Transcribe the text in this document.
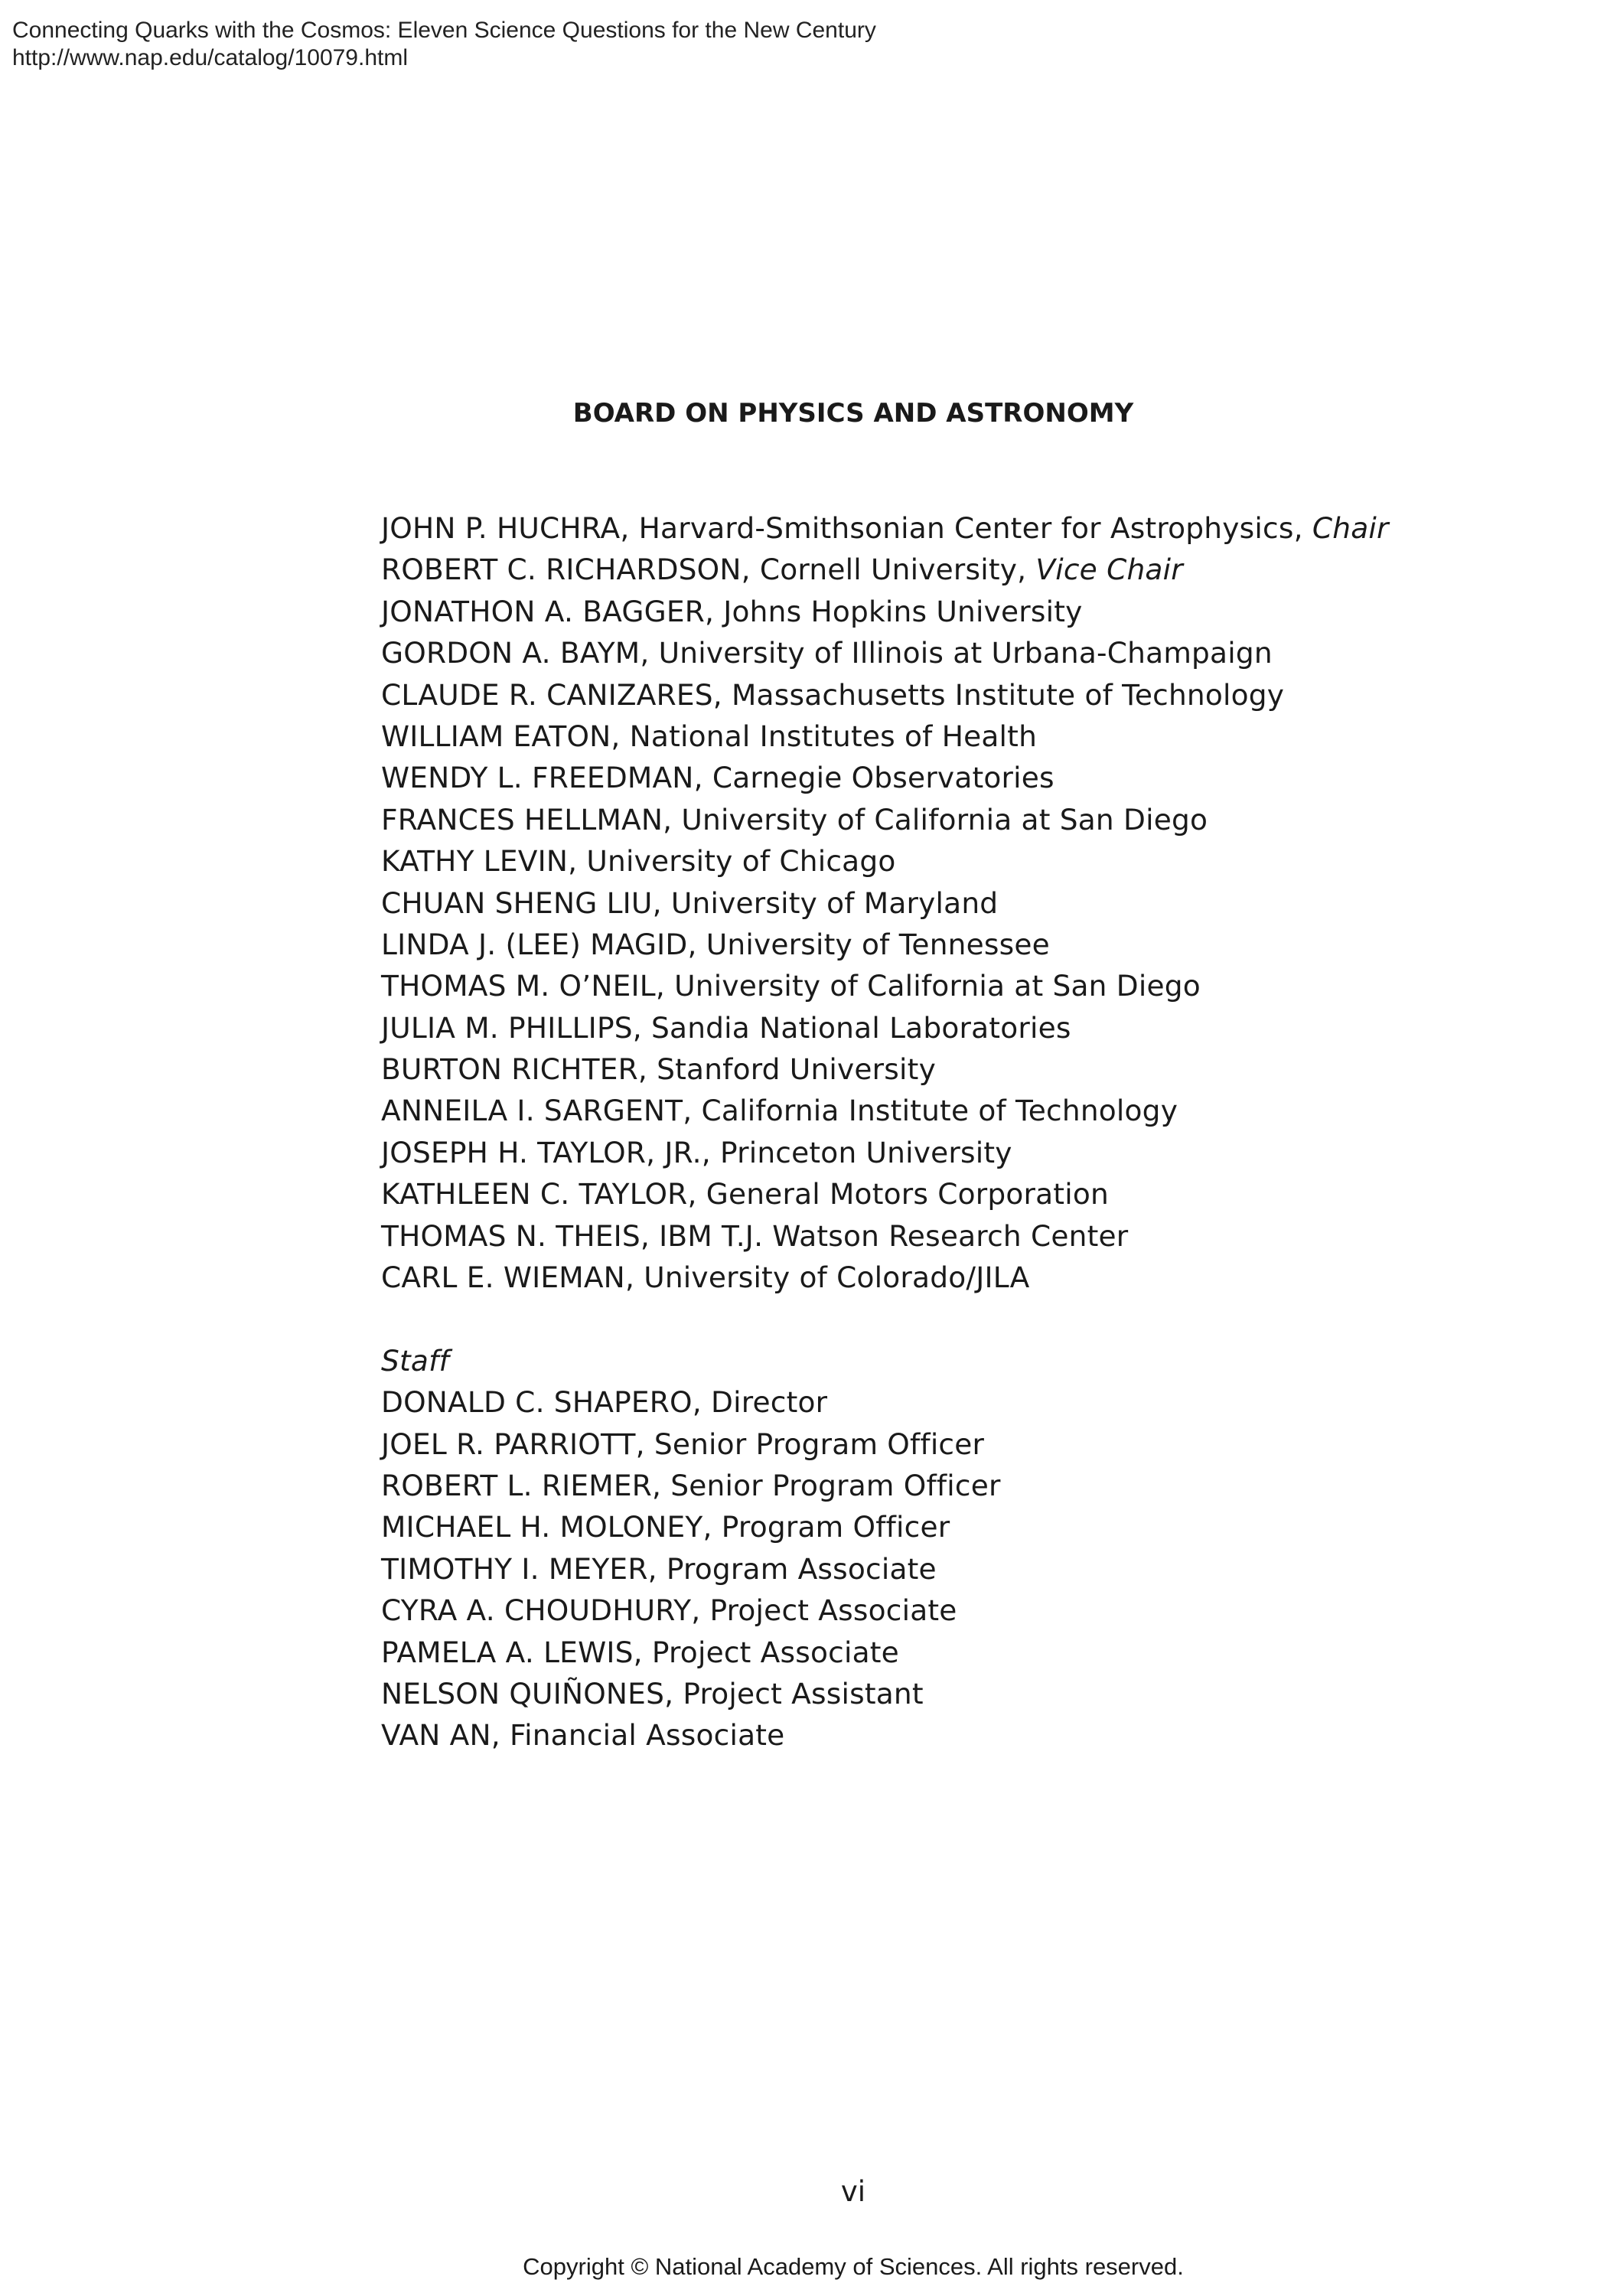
Connecting Quarks with the Cosmos: Eleven Science Questions for the New Century
http://www.nap.edu/catalog/10079.html
BOARD ON PHYSICS AND ASTRONOMY
JOHN P. HUCHRA, Harvard-Smithsonian Center for Astrophysics, Chair
ROBERT C. RICHARDSON, Cornell University, Vice Chair
JONATHON A. BAGGER, Johns Hopkins University
GORDON A. BAYM, University of Illinois at Urbana-Champaign
CLAUDE R. CANIZARES, Massachusetts Institute of Technology
WILLIAM EATON, National Institutes of Health
WENDY L. FREEDMAN, Carnegie Observatories
FRANCES HELLMAN, University of California at San Diego
KATHY LEVIN, University of Chicago
CHUAN SHENG LIU, University of Maryland
LINDA J. (LEE) MAGID, University of Tennessee
THOMAS M. O’NEIL, University of California at San Diego
JULIA M. PHILLIPS, Sandia National Laboratories
BURTON RICHTER, Stanford University
ANNEILA I. SARGENT, California Institute of Technology
JOSEPH H. TAYLOR, JR., Princeton University
KATHLEEN C. TAYLOR, General Motors Corporation
THOMAS N. THEIS, IBM T.J. Watson Research Center
CARL E. WIEMAN, University of Colorado/JILA
Staff
DONALD C. SHAPERO, Director
JOEL R. PARRIOTT, Senior Program Officer
ROBERT L. RIEMER, Senior Program Officer
MICHAEL H. MOLONEY, Program Officer
TIMOTHY I. MEYER, Program Associate
CYRA A. CHOUDHURY, Project Associate
PAMELA A. LEWIS, Project Associate
NELSON QUIÑONES, Project Assistant
VAN AN, Financial Associate
vi
Copyright © National Academy of Sciences. All rights reserved.
